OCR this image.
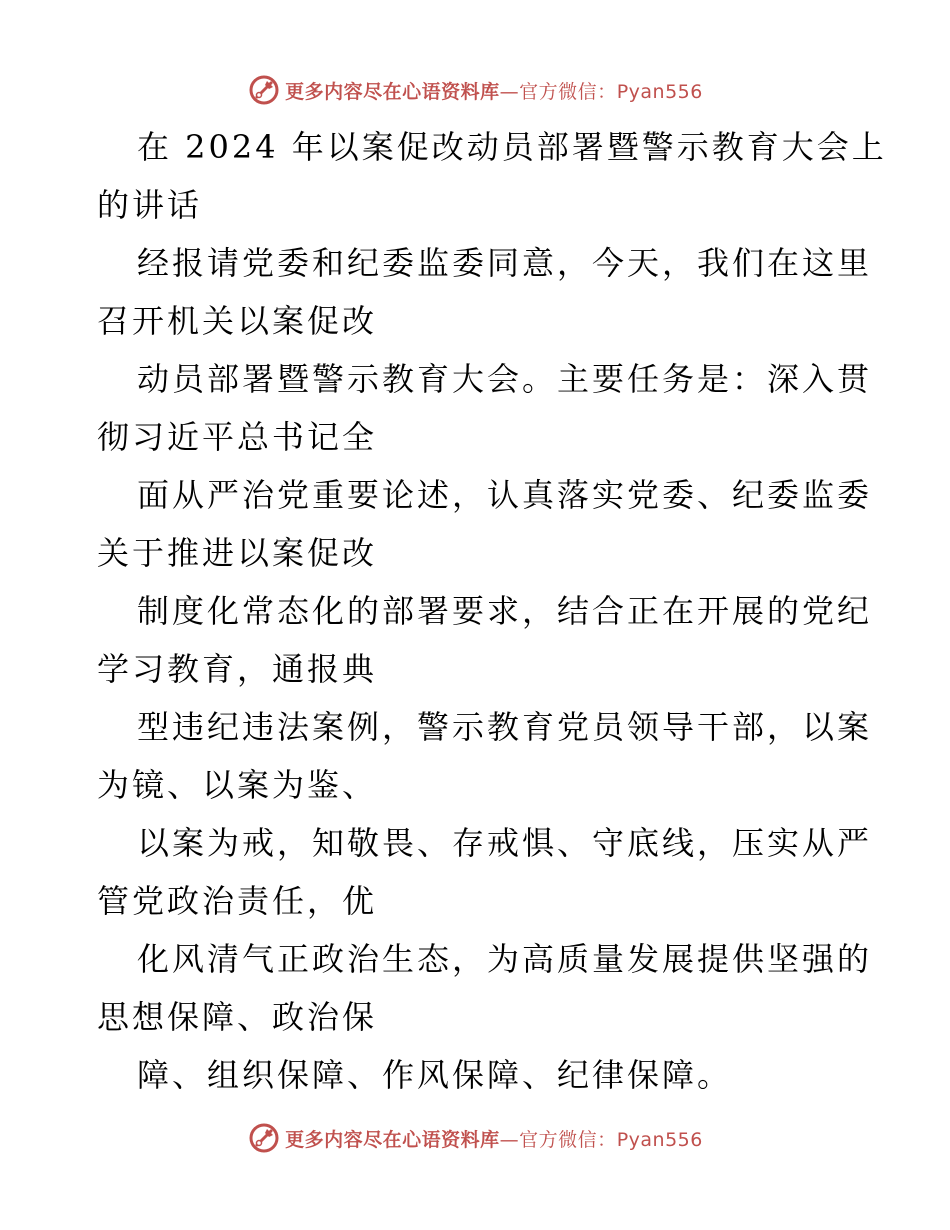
更多内容尽在心语资料库—官方微信：Pyan556
在 2024 年以案促改动员部署暨警示教育大会上
的讲话
经报请党委和纪委监委同意，今天，我们在这里
召开机关以案促改
动员部署暨警示教育大会。主要任务是：深入贯
彻习近平总书记全
面从严治党重要论述，认真落实党委、纪委监委
关于推进以案促改
制度化常态化的部署要求，结合正在开展的党纪
学习教育，通报典
型违纪违法案例，警示教育党员领导干部，以案
为镜、以案为鉴、
以案为戒，知敬畏、存戒惧、守底线，压实从严
管党政治责任，优
化风清气正政治生态，为高质量发展提供坚强的
思想保障、政治保
障、组织保障、作风保障、纪律保障。
更多内容尽在心语资料库—官方微信：Pyan556
